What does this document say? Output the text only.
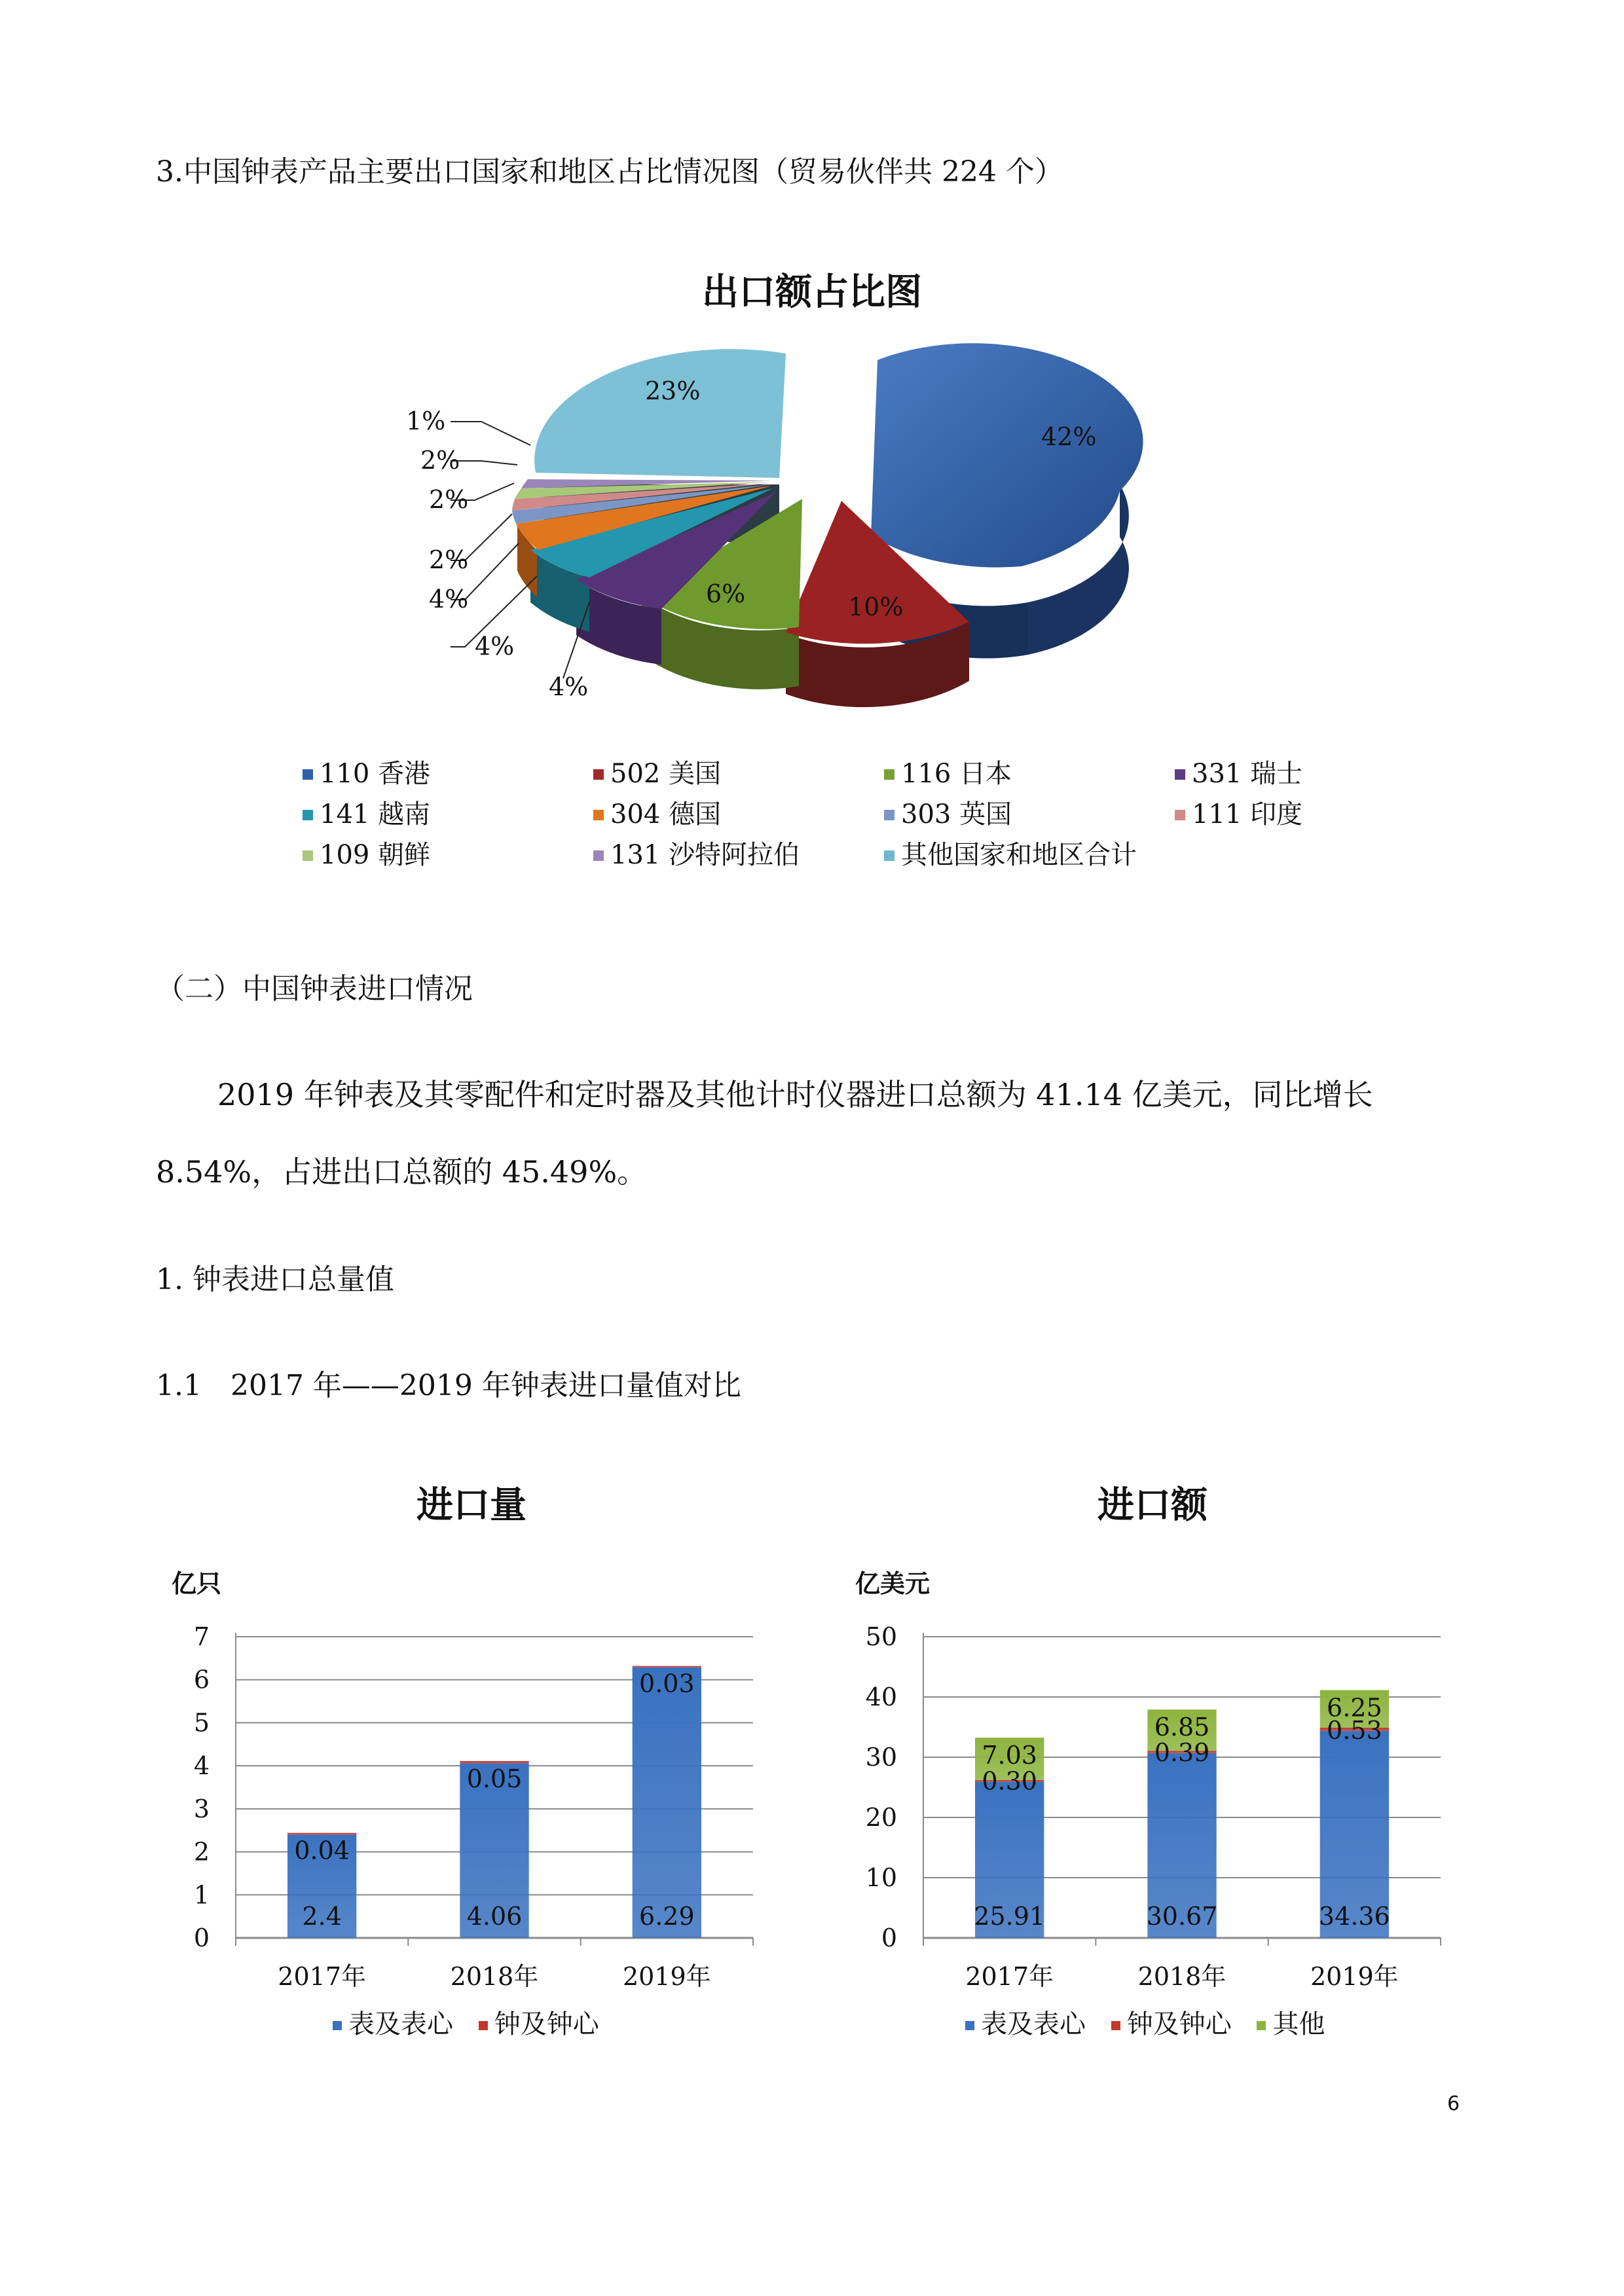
3.中国钟表产品主要出口国家和地区占比情况图（贸易伙伴共 224 个）
出口额占比图
42%
10%
6%
4%
4%
4%
2%
2%
2%
1%
23%
110 香港	502 美国	116 日本	331 瑞士
141 越南	304 德国	303 英国	111 印度
109 朝鲜	131 沙特阿拉伯	其他国家和地区合计
（二）中国钟表进口情况
2019 年钟表及其零配件和定时器及其他计时仪器进口总额为 41.14 亿美元，同比增长
8.54%，占进出口总额的 45.49%。
1. 钟表进口总量值
1.1　2017 年——2019 年钟表进口量值对比
进口量
亿只
0
1
2
3
4
5
6
7
2.4
0.04
2017年
4.06
0.05
2018年
6.29
0.03
2019年
表及表心 钟及钟心
进口额
亿美元
0
10
20
30
40
50
25.91
0.30
7.03
2017年
30.67
0.39
6.85
2018年
34.36
0.53
6.25
2019年
表及表心 钟及钟心 其他
6
